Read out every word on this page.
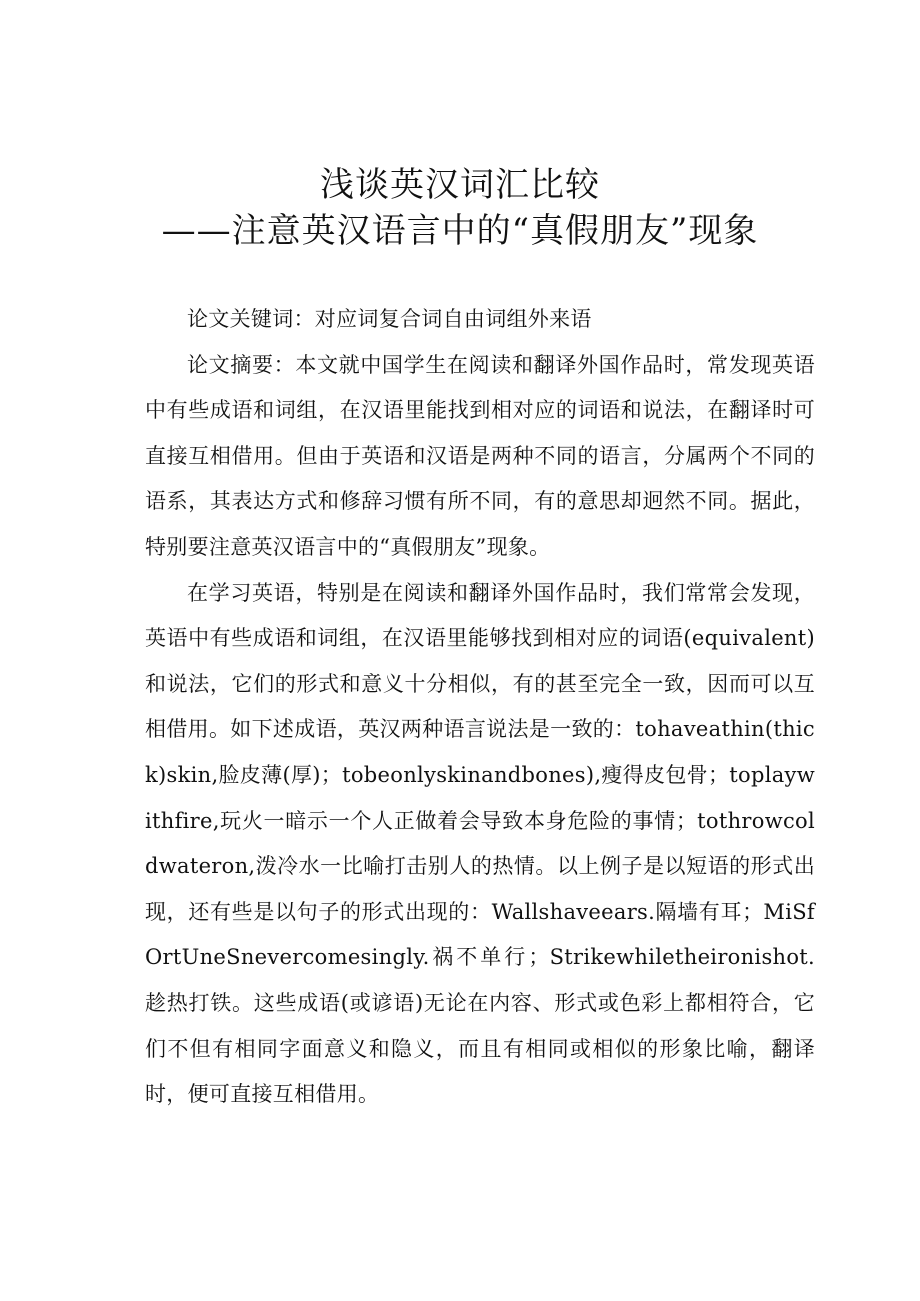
浅谈英汉词汇比较
——注意英汉语言中的“真假朋友”现象

论文关键词：对应词复合词自由词组外来语

论文摘要：本文就中国学生在阅读和翻译外国作品时，常发现英语中有些成语和词组，在汉语里能找到相对应的词语和说法，在翻译时可直接互相借用。但由于英语和汉语是两种不同的语言，分属两个不同的语系，其表达方式和修辞习惯有所不同，有的意思却迥然不同。据此，特别要注意英汉语言中的“真假朋友”现象。

在学习英语，特别是在阅读和翻译外国作品时，我们常常会发现，英语中有些成语和词组，在汉语里能够找到相对应的词语(equivalent)和说法，它们的形式和意义十分相似，有的甚至完全一致，因而可以互相借用。如下述成语，英汉两种语言说法是一致的：tohaveathin(thick)skin,脸皮薄(厚)；tobeonlyskinandbones),瘦得皮包骨；toplaywithfire,玩火一暗示一个人正做着会导致本身危险的事情；tothrowcoldwateron,泼冷水一比喻打击别人的热情。以上例子是以短语的形式出现，还有些是以句子的形式出现的：Wallshaveears.隔墙有耳；MiSfOrtUneSnevercomesingly.祸不单行；Strikewhiletheironishot.趁热打铁。这些成语(或谚语)无论在内容、形式或色彩上都相符合，它们不但有相同字面意义和隐义，而且有相同或相似的形象比喻，翻译时，便可直接互相借用。
